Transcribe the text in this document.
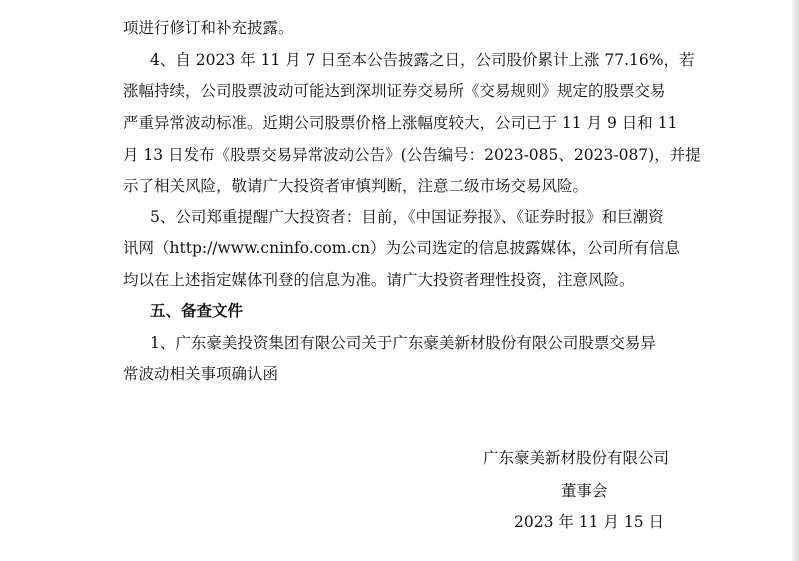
项进行修订和补充披露。
4、自 2023 年 11 月 7 日至本公告披露之日，公司股价累计上涨 77.16%，若
涨幅持续，公司股票波动可能达到深圳证券交易所《交易规则》规定的股票交易
严重异常波动标准。近期公司股票价格上涨幅度较大，公司已于 11 月 9 日和 11
月 13 日发布《股票交易异常波动公告》(公告编号：2023-085、2023-087)，并提
示了相关风险，敬请广大投资者审慎判断，注意二级市场交易风险。
5、公司郑重提醒广大投资者：目前，《中国证券报》、《证券时报》和巨潮资
讯网（http://www.cninfo.com.cn）为公司选定的信息披露媒体，公司所有信息
均以在上述指定媒体刊登的信息为准。请广大投资者理性投资，注意风险。
五、备查文件
1、广东豪美投资集团有限公司关于广东豪美新材股份有限公司股票交易异
常波动相关事项确认函
广东豪美新材股份有限公司
董事会
2023 年 11 月 15 日
